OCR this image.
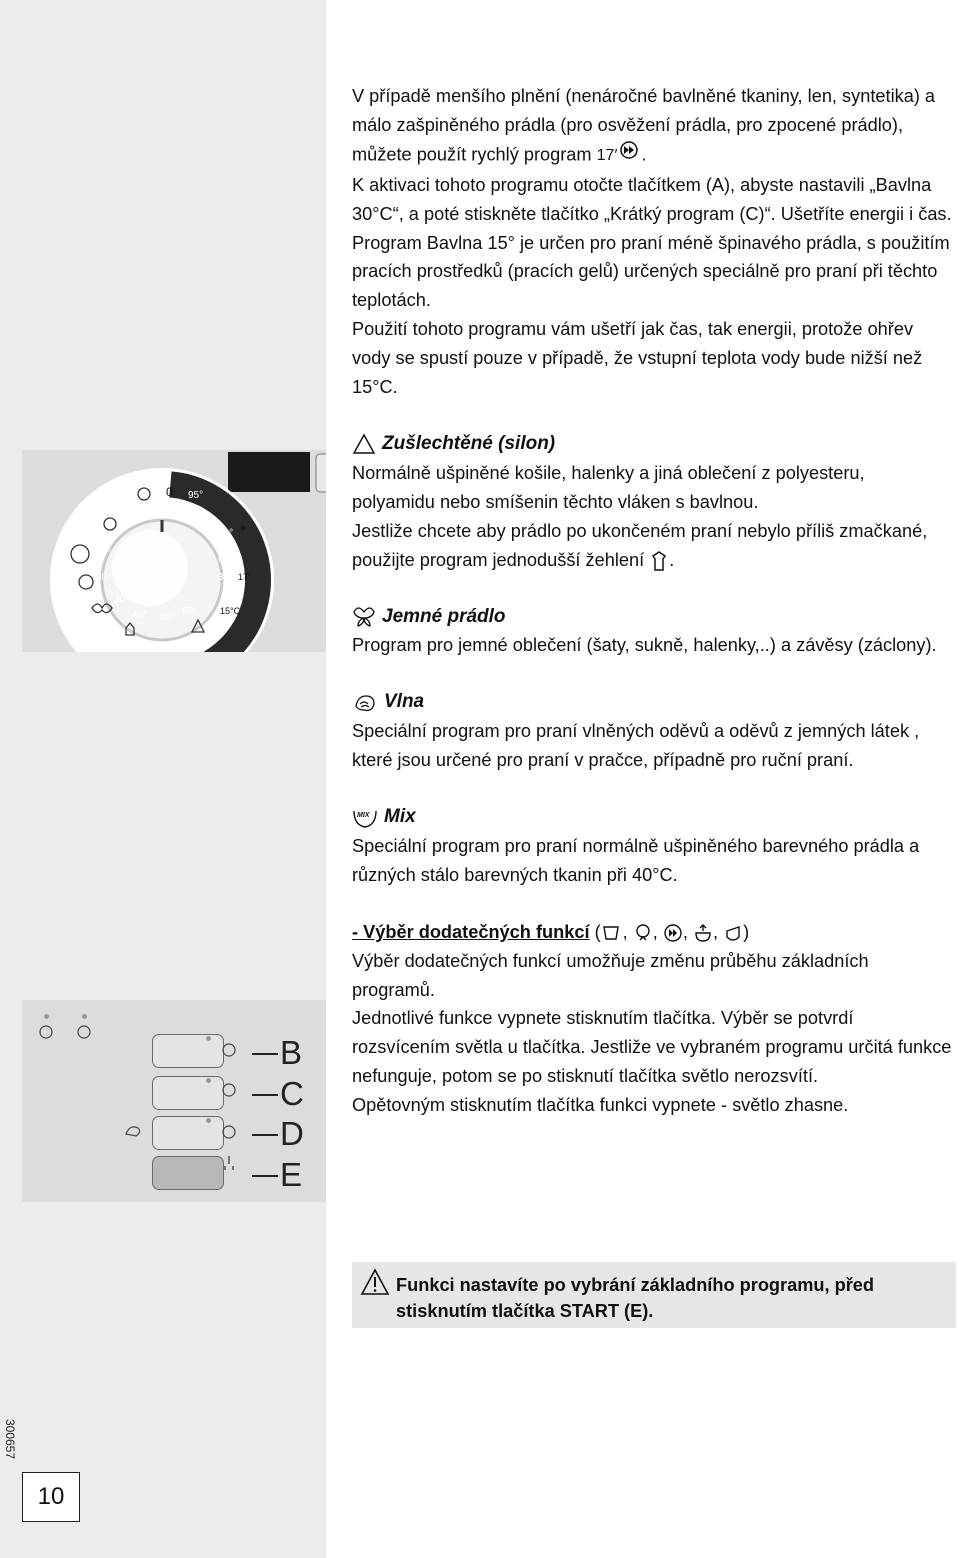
0 95°
60°
60°
30° 17′
15°C
60°
40° 40°
30°
30°
40°
+
B
C
D
E

V případě menšího plnění (nenáročné bavlněné tkaniny, len, syntetika) a málo zašpiněného prádla (pro osvěžení prádla, pro zpocené prádlo), můžete použít rychlý program 17′ .

K aktivaci tohoto programu otočte tlačítkem (A), abyste nastavili „Bavlna 30°C“, a poté stiskněte tlačítko „Krátký program (C)“. Ušetříte energii i čas.

Program Bavlna 15° je určen pro praní méně špinavého prádla, s použitím pracích prostředků (pracích gelů) určených speciálně pro praní při těchto teplotách.

Použití tohoto programu vám ušetří jak čas, tak energii, protože ohřev vody se spustí pouze v případě, že vstupní teplota vody bude nižší než 15°C.

Zušlechtěné (silon)

Normálně ušpiněné košile, halenky a jiná oblečení z polyesteru, polyamidu nebo smíšenin těchto vláken s bavlnou.

Jestliže chcete aby prádlo po ukončeném praní nebylo příliš zmačkané, použijte program jednodušší žehlení .

Jemné prádlo

Program pro jemné oblečení (šaty, sukně, halenky,..) a závěsy (záclony).

Vlna

Speciální program pro praní vlněných oděvů a oděvů z jemných látek , které jsou určené pro praní v pračce, případně pro ruční praní.

MIX Mix

Speciální program pro praní normálně ušpiněného barevného prádla a různých stálo barevných tkanin při 40°C.

- Výběr dodatečných funkcí ( , , , , )

Výběr dodatečných funkcí umožňuje změnu průběhu základních programů.

Jednotlivé funkce vypnete stisknutím tlačítka. Výběr se potvrdí rozsvícením světla u tlačítka. Jestliže ve vybraném programu určitá funkce nefunguje, potom se po stisknutí tlačítka světlo nerozsvítí.

Opětovným stisknutím tlačítka funkci vypnete - světlo zhasne.

Funkci nastavíte po vybrání základního programu, před stisknutím tlačítka START (E).
300657
10
